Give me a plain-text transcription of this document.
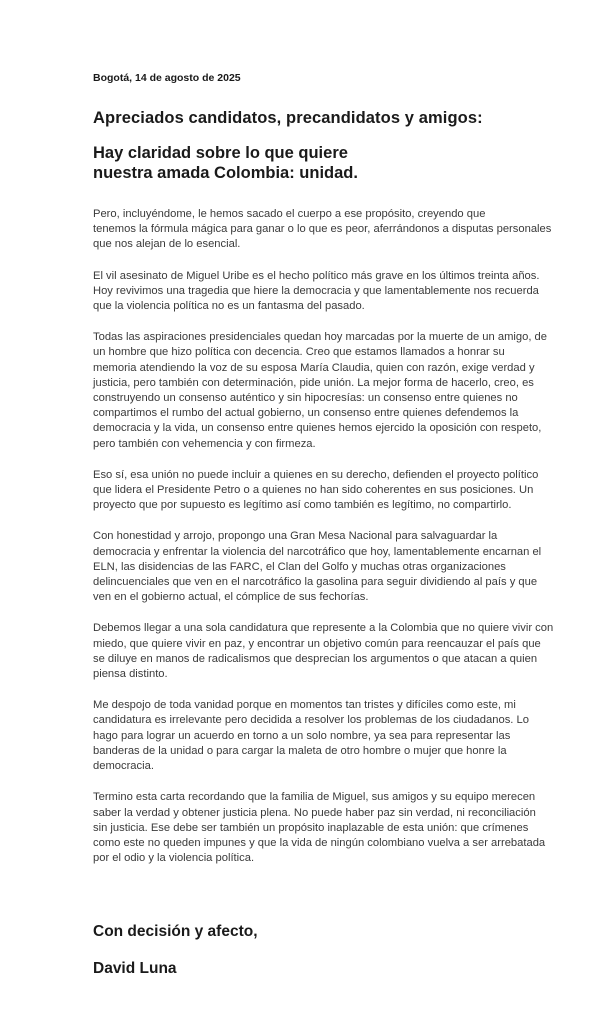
Bogotá, 14 de agosto de 2025
Apreciados candidatos, precandidatos y amigos:
Hay claridad sobre lo que quiere
nuestra amada Colombia: unidad.

Pero, incluyéndome, le hemos sacado el cuerpo a ese propósito, creyendo que
tenemos la fórmula mágica para ganar o lo que es peor, aferrándonos a disputas personales
que nos alejan de lo esencial.

El vil asesinato de Miguel Uribe es el hecho político más grave en los últimos treinta años.
Hoy revivimos una tragedia que hiere la democracia y que lamentablemente nos recuerda
que la violencia política no es un fantasma del pasado.

Todas las aspiraciones presidenciales quedan hoy marcadas por la muerte de un amigo, de
un hombre que hizo política con decencia. Creo que estamos llamados a honrar su
memoria atendiendo la voz de su esposa María Claudia, quien con razón, exige verdad y
justicia, pero también con determinación, pide unión. La mejor forma de hacerlo, creo, es
construyendo un consenso auténtico y sin hipocresías: un consenso entre quienes no
compartimos el rumbo del actual gobierno, un consenso entre quienes defendemos la
democracia y la vida, un consenso entre quienes hemos ejercido la oposición con respeto,
pero también con vehemencia y con firmeza.

Eso sí, esa unión no puede incluir a quienes en su derecho, defienden el proyecto político
que lidera el Presidente Petro o a quienes no han sido coherentes en sus posiciones. Un
proyecto que por supuesto es legítimo así como también es legítimo, no compartirlo.

Con honestidad y arrojo, propongo una Gran Mesa Nacional para salvaguardar la
democracia y enfrentar la violencia del narcotráfico que hoy, lamentablemente encarnan el
ELN, las disidencias de las FARC, el Clan del Golfo y muchas otras organizaciones
delincuenciales que ven en el narcotráfico la gasolina para seguir dividiendo al país y que
ven en el gobierno actual, el cómplice de sus fechorías.

Debemos llegar a una sola candidatura que represente a la Colombia que no quiere vivir con
miedo, que quiere vivir en paz, y encontrar un objetivo común para reencauzar el país que
se diluye en manos de radicalismos que desprecian los argumentos o que atacan a quien
piensa distinto.

Me despojo de toda vanidad porque en momentos tan tristes y difíciles como este, mi
candidatura es irrelevante pero decidida a resolver los problemas de los ciudadanos. Lo
hago para lograr un acuerdo en torno a un solo nombre, ya sea para representar las
banderas de la unidad o para cargar la maleta de otro hombre o mujer que honre la
democracia.

Termino esta carta recordando que la familia de Miguel, sus amigos y su equipo merecen
saber la verdad y obtener justicia plena. No puede haber paz sin verdad, ni reconciliación
sin justicia. Ese debe ser también un propósito inaplazable de esta unión: que crímenes
como este no queden impunes y que la vida de ningún colombiano vuelva a ser arrebatada
por el odio y la violencia política.

Con decisión y afecto,
David Luna
